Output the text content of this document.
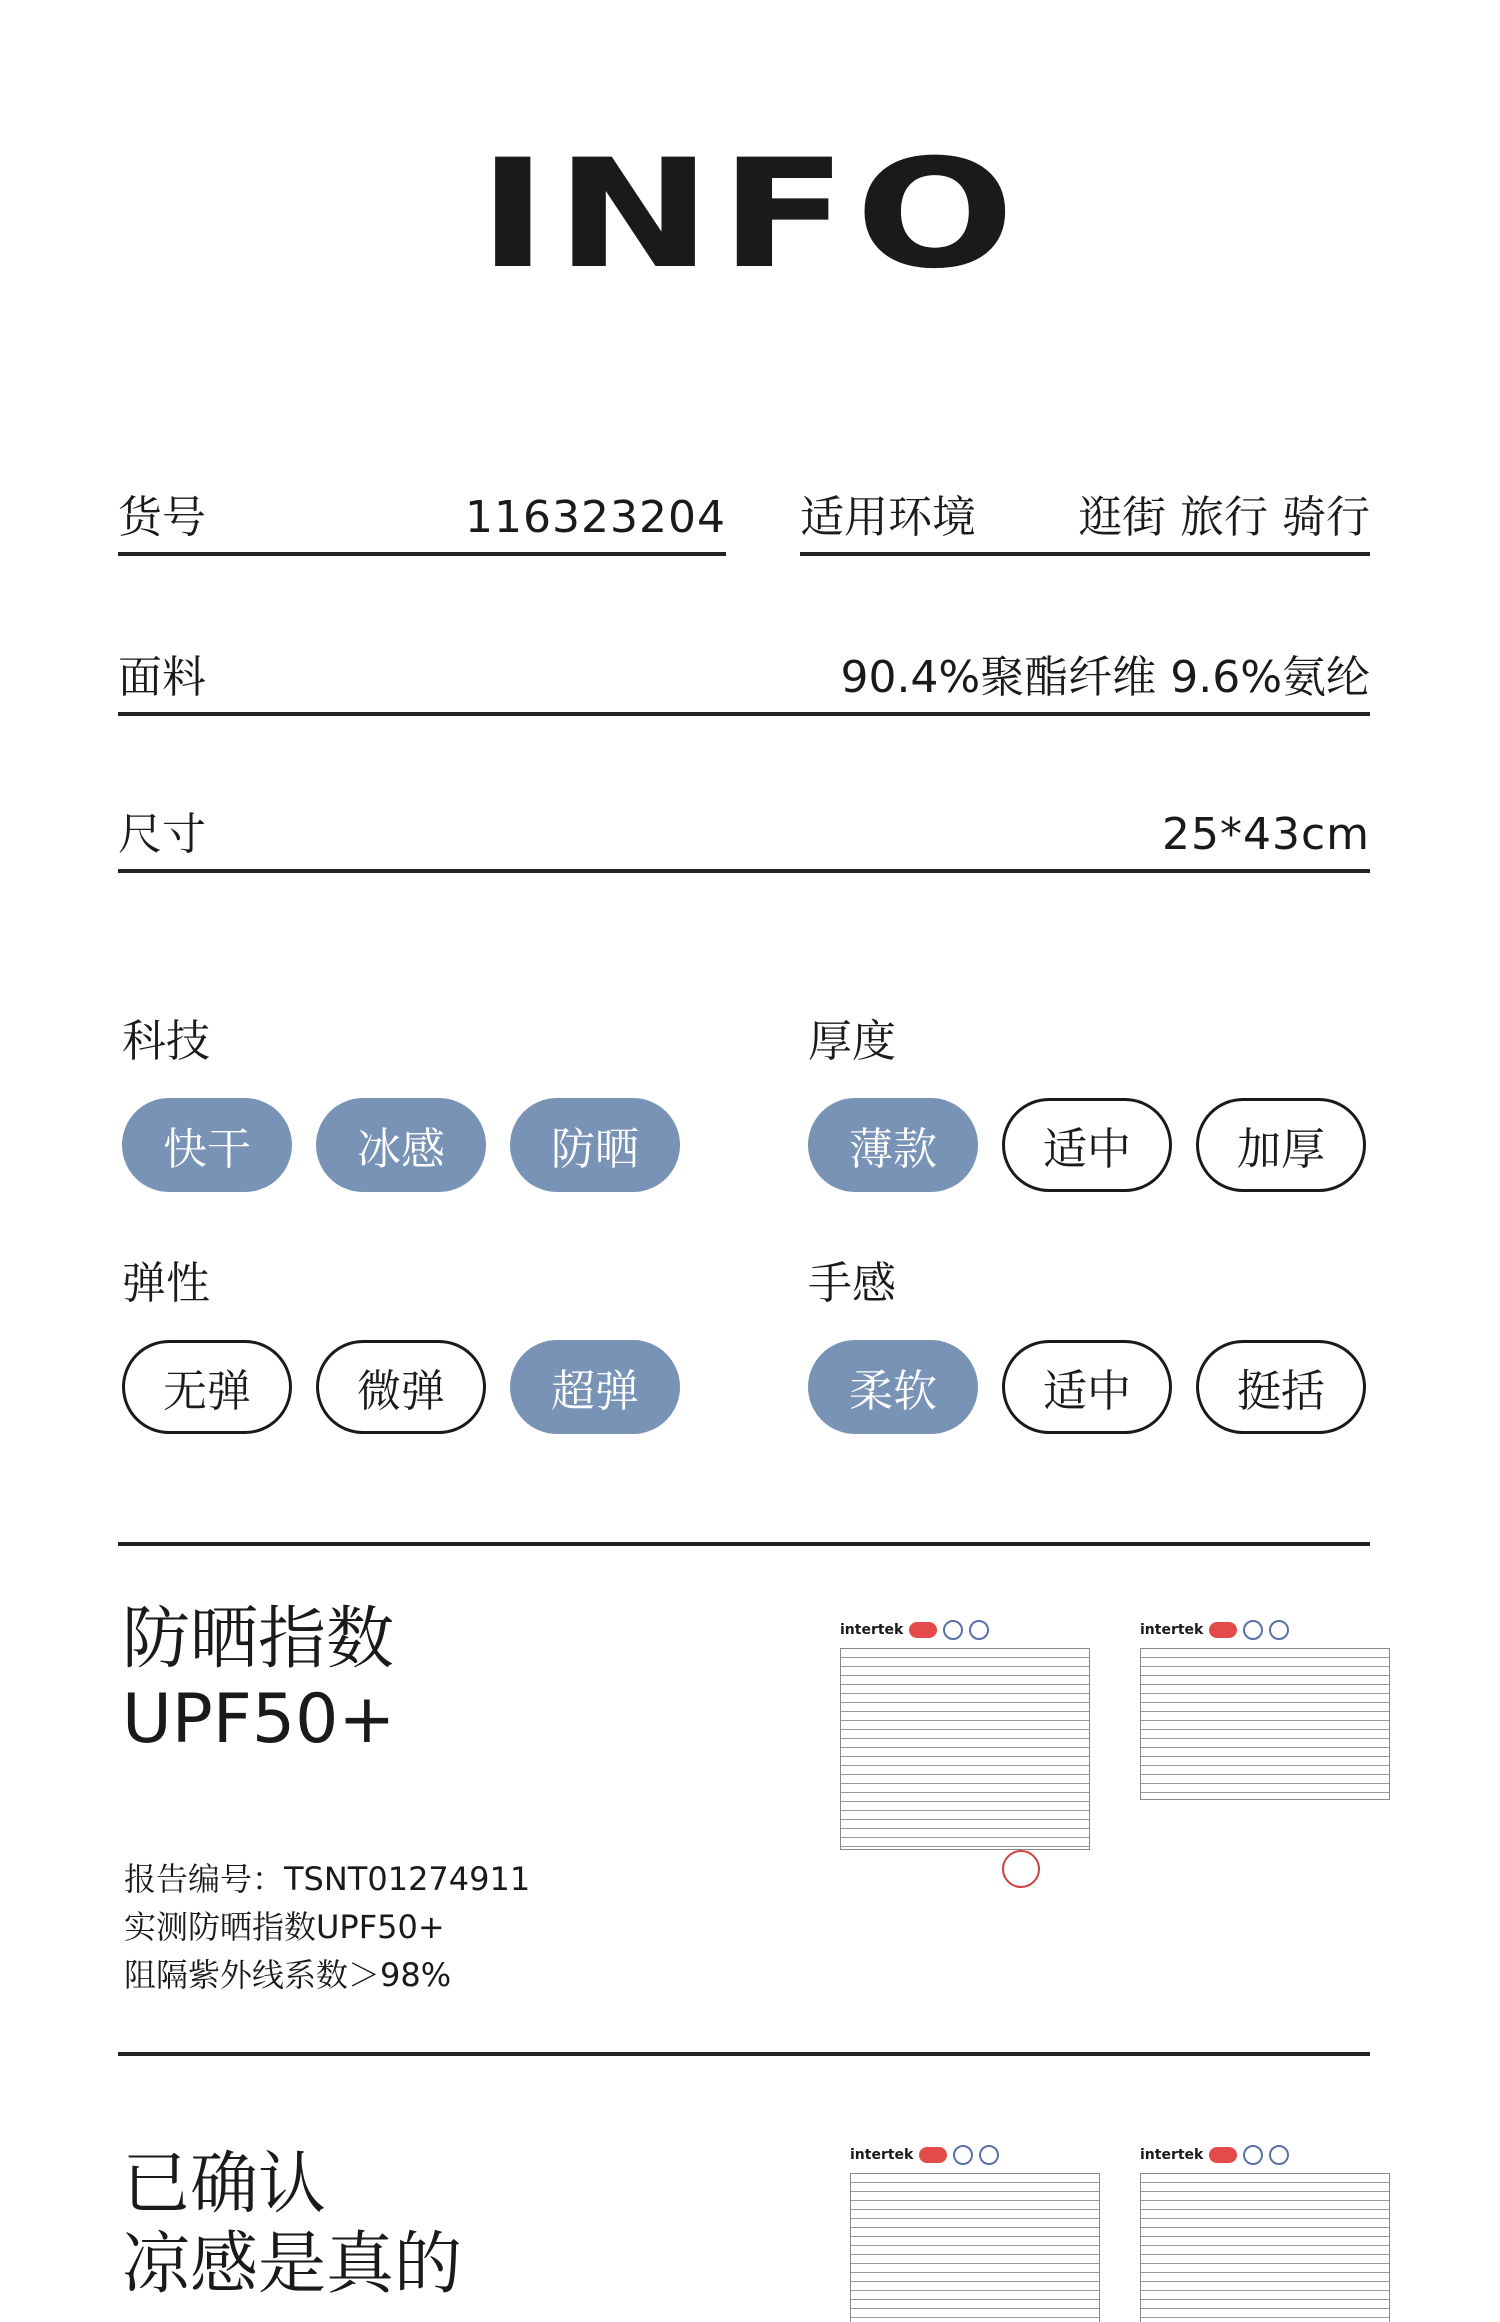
INFO
货号	116323204 适用环境 逛街 旅行 骑行
面料	90.4%聚酯纤维 9.6%氨纶
尺寸	25*43cm
科技
快干	冰感	防晒
厚度
薄款	适中	加厚
弹性
无弹	微弹	超弹
手感
柔软	适中	挺括
防晒指数
UPF50+
报告编号：TSNT01274911
实测防晒指数UPF50+
阻隔紫外线系数＞98%
intertek	intertek
已确认
凉感是真的
intertek	intertek
